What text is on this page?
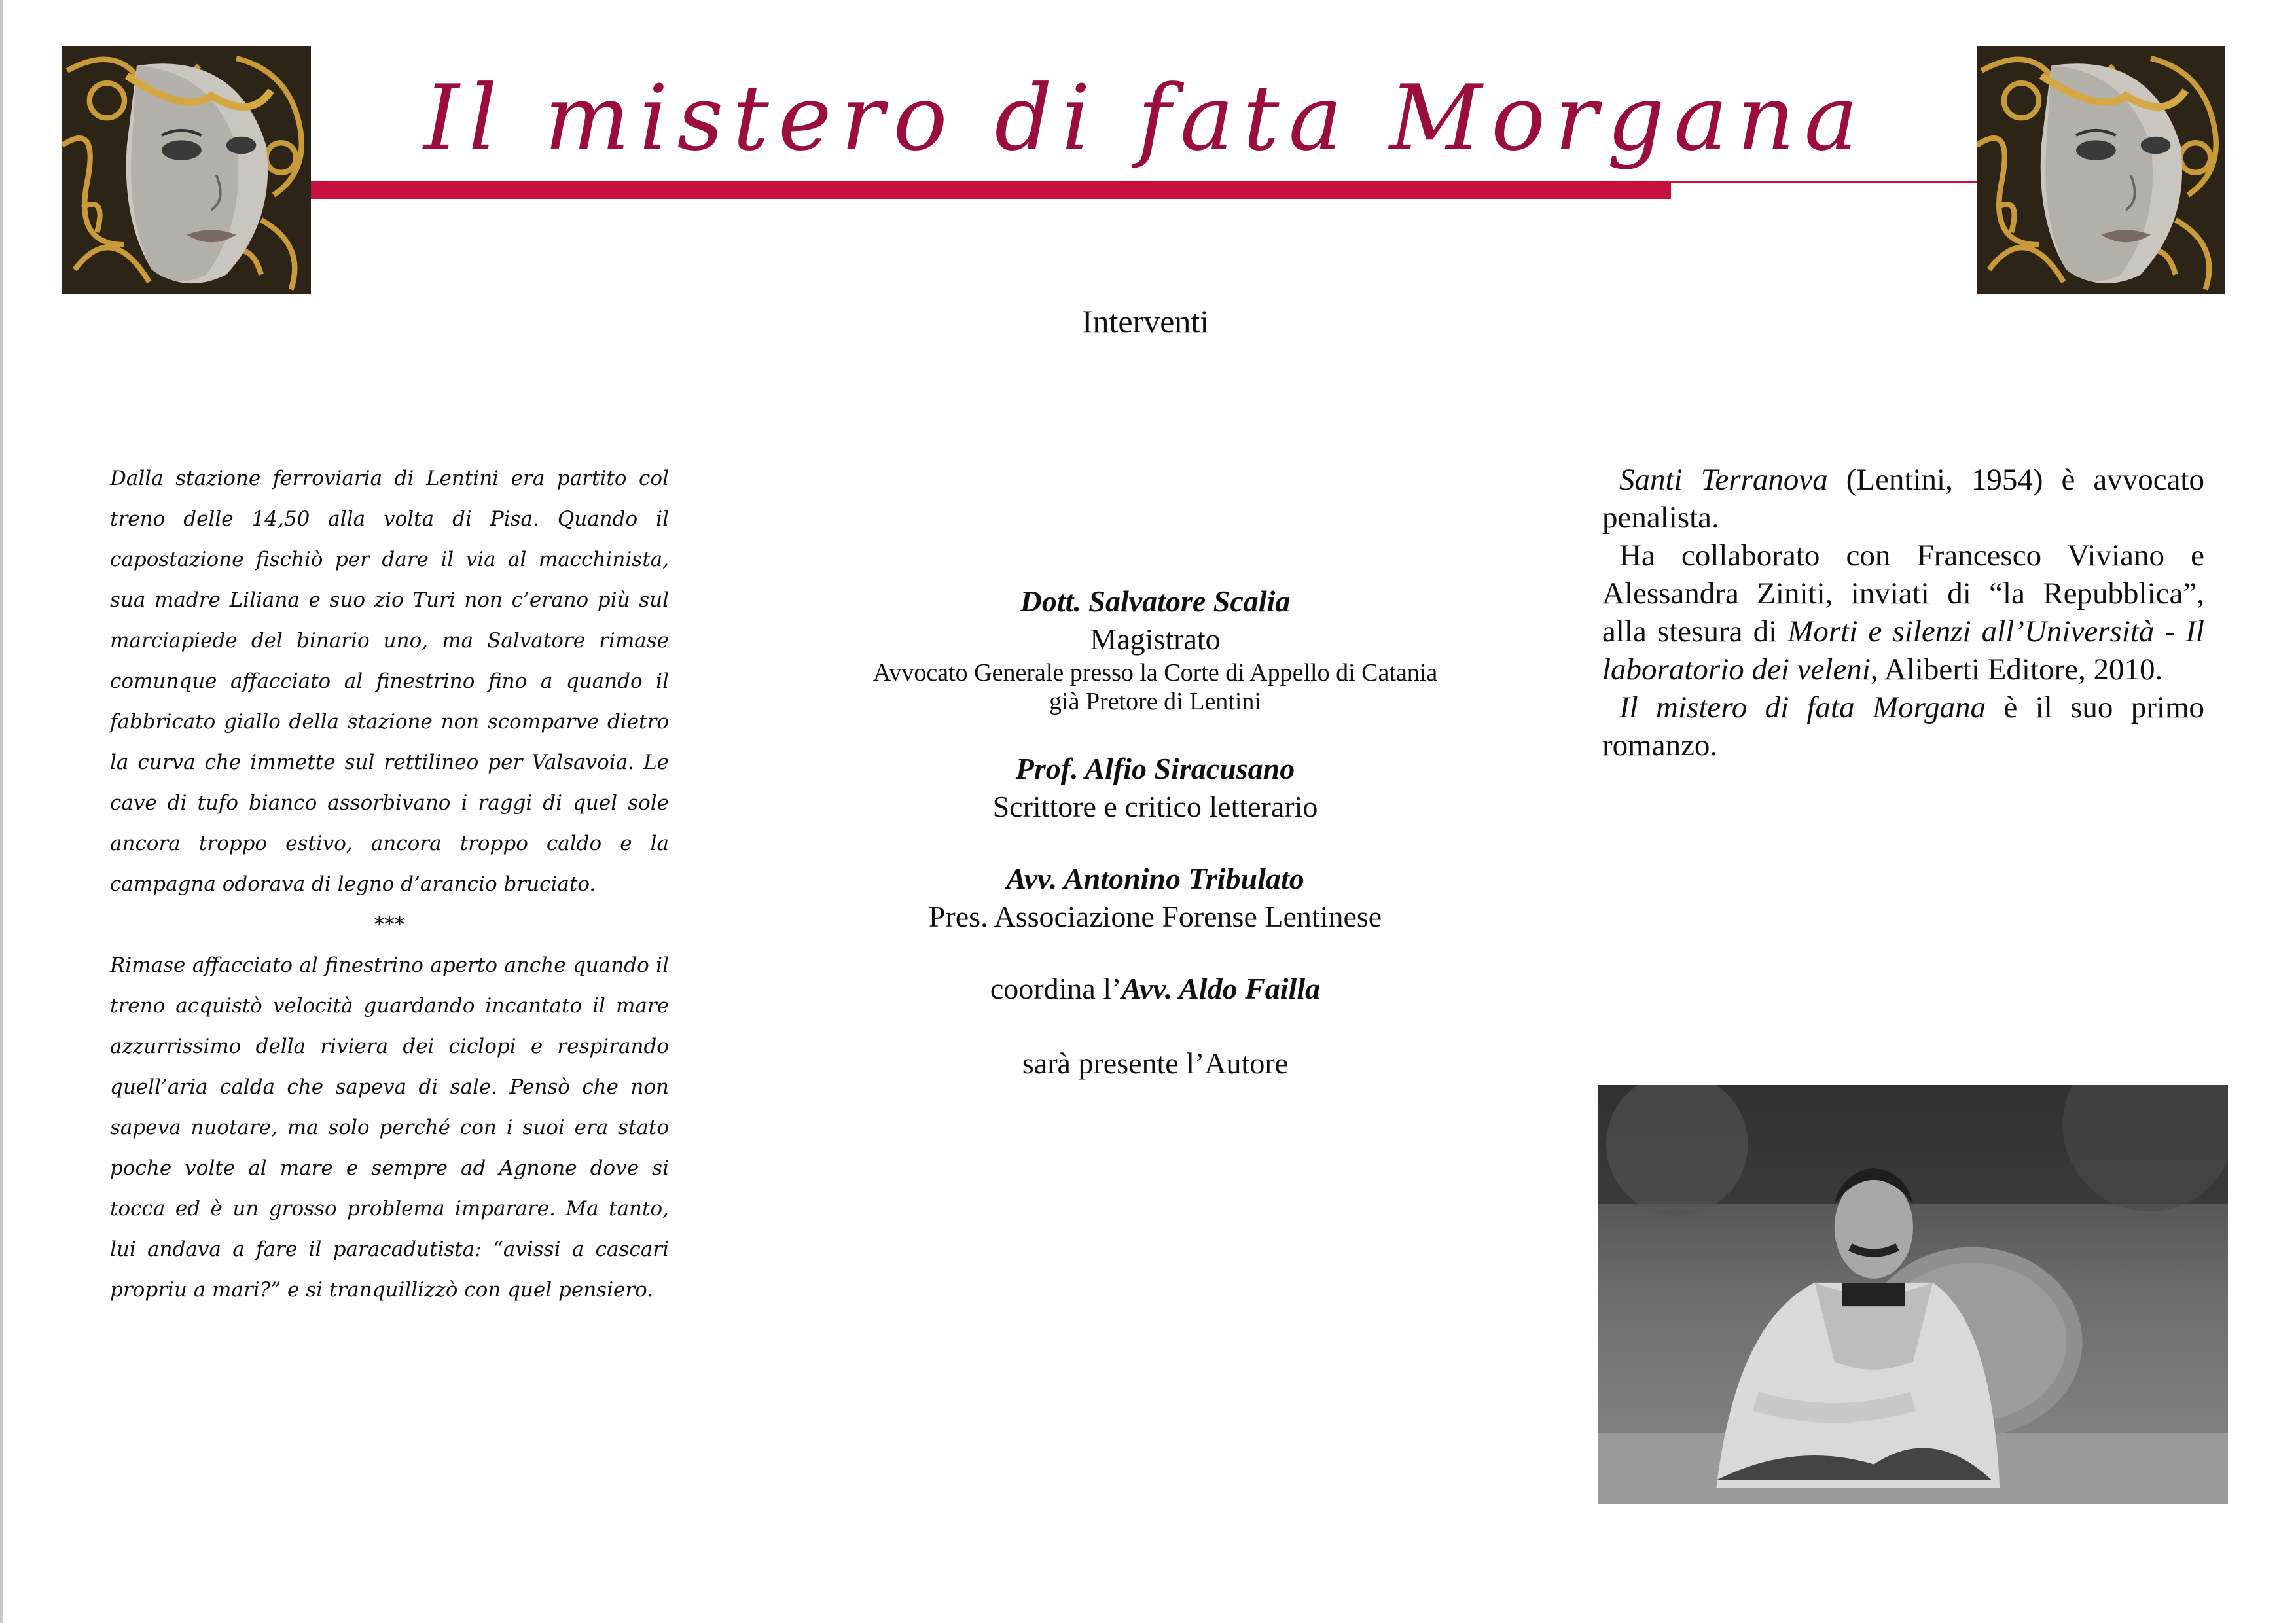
Il mistero di fata Morgana
Interventi

Dalla stazione ferroviaria di Lentini era partito col treno delle 14,50 alla volta di Pisa. Quando il capostazione fischiò per dare il via al macchinista, sua madre Liliana e suo zio Turi non c’erano più sul marciapiede del binario uno, ma Salvatore rimase comunque affacciato al finestrino fino a quando il fabbricato giallo della stazione non scomparve dietro la curva che immette sul rettilineo per Valsavoia. Le cave di tufo bianco assorbivano i raggi di quel sole ancora troppo estivo, ancora troppo caldo e la campagna odorava di legno d’arancio bruciato.

***

Rimase affacciato al finestrino aperto anche quando il treno acquistò velocità guardando incantato il mare azzurrissimo della riviera dei ciclopi e respirando quell’aria calda che sapeva di sale. Pensò che non sapeva nuotare, ma solo perché con i suoi era stato poche volte al mare e sempre ad Agnone dove si tocca ed è un grosso problema imparare. Ma tanto, lui andava a fare il paracadutista: “avissi a cascari propriu a mari?” e si tranquillizzò con quel pensiero.

Dott. Salvatore Scalia
Magistrato
Avvocato Generale presso la Corte di Appello di Catania
già Pretore di Lentini
Prof. Alfio Siracusano
Scrittore e critico letterario
Avv. Antonino Tribulato
Pres. Associazione Forense Lentinese
coordina l’Avv. Aldo Failla
sarà presente l’Autore

Santi Terranova (Lentini, 1954) è avvocato penalista.

Ha collaborato con Francesco Viviano e Alessandra Ziniti, inviati di “la Repubblica”, alla stesura di Morti e silenzi all’Università - Il laboratorio dei veleni, Aliberti Editore, 2010.

Il mistero di fata Morgana è il suo primo romanzo.
